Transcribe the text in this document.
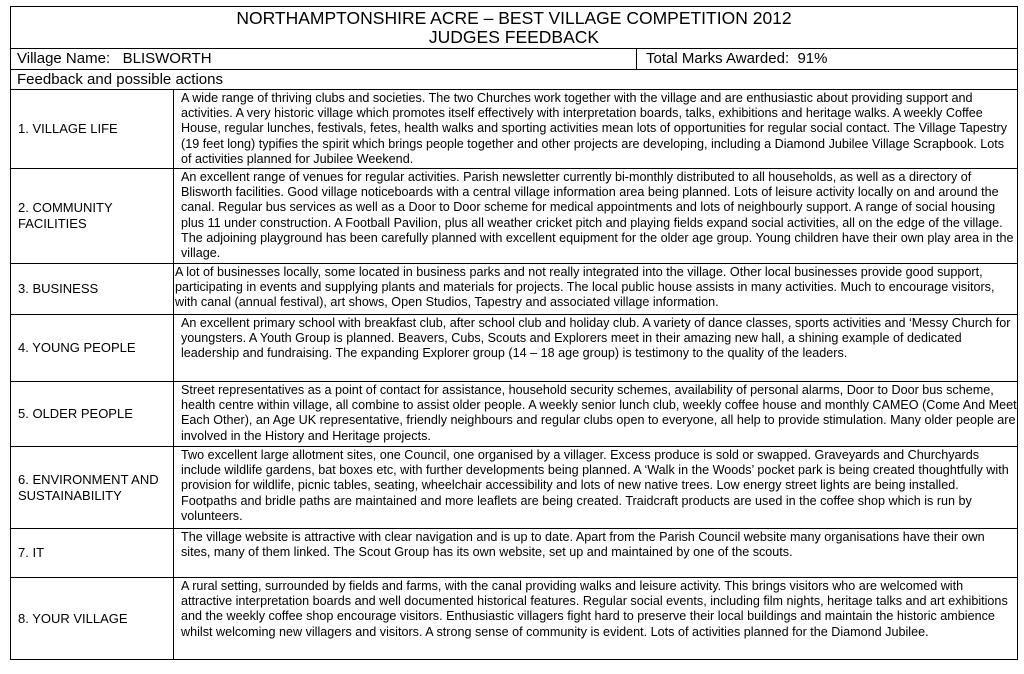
NORTHAMPTONSHIRE ACRE – BEST VILLAGE COMPETITION 2012
JUDGES FEEDBACK
Village Name: BLISWORTH	Total Marks Awarded: 91%
Feedback and possible actions
1. VILLAGE LIFE
A wide range of thriving clubs and societies. The two Churches work together with the village and are enthusiastic about providing support and activities. A very historic village which promotes itself effectively with interpretation boards, talks, exhibitions and heritage walks. A weekly Coffee House, regular lunches, festivals, fetes, health walks and sporting activities mean lots of opportunities for regular social contact. The Village Tapestry (19 feet long) typifies the spirit which brings people together and other projects are developing, including a Diamond Jubilee Village Scrapbook. Lots of activities planned for Jubilee Weekend.
2. COMMUNITY FACILITIES
An excellent range of venues for regular activities. Parish newsletter currently bi-monthly distributed to all households, as well as a directory of Blisworth facilities. Good village noticeboards with a central village information area being planned. Lots of leisure activity locally on and around the canal. Regular bus services as well as a Door to Door scheme for medical appointments and lots of neighbourly support. A range of social housing plus 11 under construction. A Football Pavilion, plus all weather cricket pitch and playing fields expand social activities, all on the edge of the village. The adjoining playground has been carefully planned with excellent equipment for the older age group. Young children have their own play area in the village.
3. BUSINESS
A lot of businesses locally, some located in business parks and not really integrated into the village. Other local businesses provide good support, participating in events and supplying plants and materials for projects. The local public house assists in many activities. Much to encourage visitors, with canal (annual festival), art shows, Open Studios, Tapestry and associated village information.
4. YOUNG PEOPLE
An excellent primary school with breakfast club, after school club and holiday club. A variety of dance classes, sports activities and ‘Messy Church for youngsters. A Youth Group is planned. Beavers, Cubs, Scouts and Explorers meet in their amazing new hall, a shining example of dedicated leadership and fundraising. The expanding Explorer group (14 – 18 age group) is testimony to the quality of the leaders.
5. OLDER PEOPLE
Street representatives as a point of contact for assistance, household security schemes, availability of personal alarms, Door to Door bus scheme, health centre within village, all combine to assist older people. A weekly senior lunch club, weekly coffee house and monthly CAMEO (Come And Meet Each Other), an Age UK representative, friendly neighbours and regular clubs open to everyone, all help to provide stimulation. Many older people are involved in the History and Heritage projects.
6. ENVIRONMENT AND SUSTAINABILITY
Two excellent large allotment sites, one Council, one organised by a villager. Excess produce is sold or swapped. Graveyards and Churchyards include wildlife gardens, bat boxes etc, with further developments being planned. A ‘Walk in the Woods’ pocket park is being created thoughtfully with provision for wildlife, picnic tables, seating, wheelchair accessibility and lots of new native trees. Low energy street lights are being installed. Footpaths and bridle paths are maintained and more leaflets are being created. Traidcraft products are used in the coffee shop which is run by volunteers.
7. IT
The village website is attractive with clear navigation and is up to date. Apart from the Parish Council website many organisations have their own sites, many of them linked. The Scout Group has its own website, set up and maintained by one of the scouts.
8. YOUR VILLAGE
A rural setting, surrounded by fields and farms, with the canal providing walks and leisure activity. This brings visitors who are welcomed with attractive interpretation boards and well documented historical features. Regular social events, including film nights, heritage talks and art exhibitions and the weekly coffee shop encourage visitors. Enthusiastic villagers fight hard to preserve their local buildings and maintain the historic ambience whilst welcoming new villagers and visitors. A strong sense of community is evident. Lots of activities planned for the Diamond Jubilee.
